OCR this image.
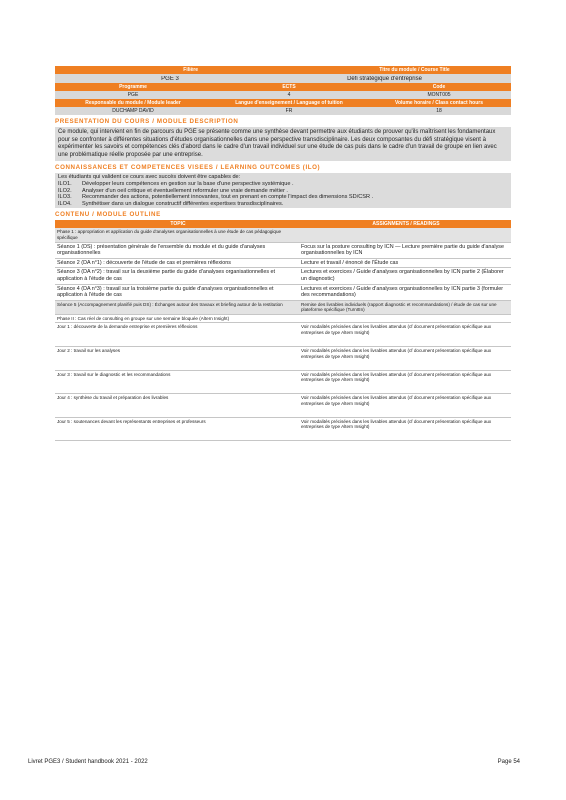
Filière	Titre du module / Course Title
PGE 3	Défi stratégique d'entreprise
Programme	ECTS	Code
PGE	4	MONT005
Responsable du module / Module leader	Langue d'enseignement / Language of tuition	Volume horaire / Class contact hours
DUCHAMP DAVID	FR	18
PRESENTATION DU COURS / MODULE DESCRIPTION
Ce module, qui intervient en fin de parcours du PGE se présente comme une synthèse devant permettre aux étudiants de prouver qu'ils maîtrisent les fondamentaux pour se confronter à différentes situations d'études organisationnelles dans une perspective transdisciplinaire. Les deux composantes du défi stratégique visent à expérimenter les savoirs et compétences clés d'abord dans le cadre d'un travail individuel sur une étude de cas puis dans le cadre d'un travail de groupe en lien avec une problématique réelle proposée par une entreprise.
CONNAISSANCES ET COMPETENCES VISEES / LEARNING OUTCOMES (ILO)
Les étudiants qui valident ce cours avec succès doivent être capables de:
ILO1.	Développer leurs compétences en gestion sur la base d'une perspective systémique .
ILO2.	Analyser d'un oeil critique et éventuellement reformuler une vraie demande métier .
ILO3.	Recommander des actions, potentiellement innovantes, tout en prenant en compte l'impact des dimensions SD/CSR .
ILO4.	Synthétiser dans un dialogue constructif différentes expertises transdisciplinaires.
CONTENU / MODULE OUTLINE
TOPIC	ASSIGNMENTS / READINGS
Phase 1 : appropriation et application du guide d'analyses organisationnelles à une étude de cas pédagogique spécifique	
Séance 1 (DS) : présentation générale de l'ensemble du module et du guide d'analyses organisationnelles	Focus sur la posture consulting by ICN — Lecture première partie du guide d'analyse organisationnelles by ICN
Séance 2 (DA n°1) : découverte de l'étude de cas et premières réflexions	Lecture et travail / énoncé de l'Étude cas
Séance 3 (DA n°2) : travail sur la deuxième partie du guide d'analyses organisationnelles et application à l'étude de cas	Lectures et exercices / Guide d'analyses organisationnelles by ICN partie 2 (Élaborer un diagnostic)
Séance 4 (DA n°3) : travail sur la troisième partie du guide d'analyses organisationnelles et application à l'étude de cas	Lectures et exercices / Guide d'analyses organisationnelles by ICN partie 3 (formuler des recommandations)
Séance 5 (Accompagnement planifié puis DS) : Échanges autour des travaux et briefing autour de la restitution	Remise des livrables individuels (rapport diagnostic et recommandations) / étude de cas sur une plateforme spécifique (TurnItIn)
Phase II : Cas réel de consulting en groupe sur une semaine bloquée (Altern Insight)	
Jour 1 : découverte de la demande entreprise et premières réflexions	Voir modalités précisées dans les livrables attendus (cf document présentation spécifique aux entreprises de type Altern Insight)
Jour 2 : travail sur les analyses	Voir modalités précisées dans les livrables attendus (cf document présentation spécifique aux entreprises de type Altern Insight)
Jour 3 : travail sur le diagnostic et les recommandations	Voir modalités précisées dans les livrables attendus (cf document présentation spécifique aux entreprises de type Altern Insight)
Jour 4 : synthèse du travail et préparation des livrables	Voir modalités précisées dans les livrables attendus (cf document présentation spécifique aux entreprises de type Altern Insight)
Jour 5 : soutenances devant les représentants entreprises et professeurs	Voir modalités précisées dans les livrables attendus (cf document présentation spécifique aux entreprises de type Altern Insight)
Livret PGE3 / Student handbook 2021 - 2022	Page 54
